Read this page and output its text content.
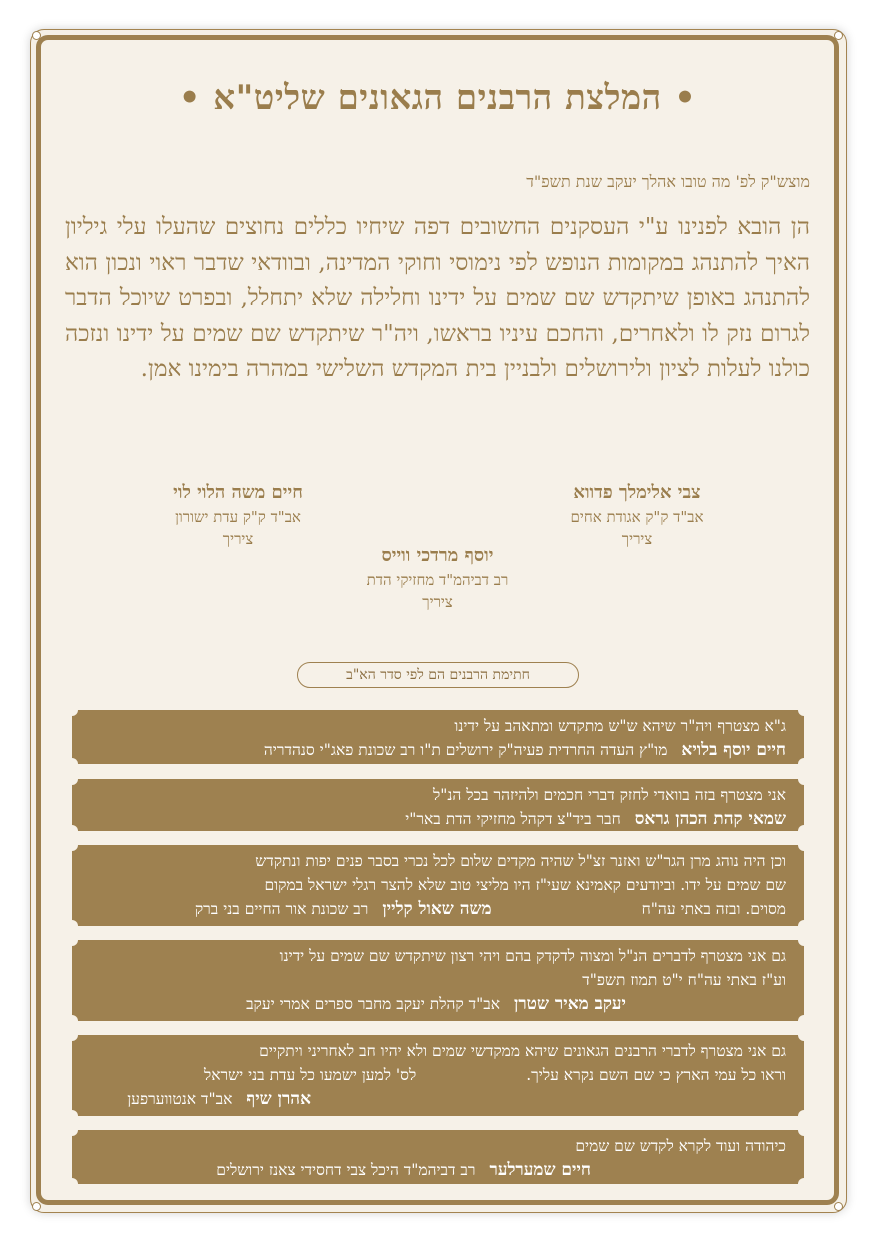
• המלצת הרבנים הגאונים שליט"א •
מוצש"ק לפ' מה טובו אהלך יעקב שנת תשפ"ד
הן הובא לפנינו ע"י העסקנים החשובים דפה שיחיו כללים נחוצים שהעלו עלי גיליון האיך להתנהג במקומות הנופש לפי נימוסי וחוקי המדינה, ובוודאי שדבר ראוי ונכון הוא להתנהג באופן שיתקדש שם שמים על ידינו וחלילה שלא יתחלל, ובפרט שיוכל הדבר לגרום נזק לו ולאחרים, והחכם עיניו בראשו, ויה"ר שיתקדש שם שמים על ידינו ונזכה כולנו לעלות לציון ולירושלים ולבניין בית המקדש השלישי במהרה בימינו אמן.
צבי אלימלך פדווא
אב"ד ק"ק אגודת אחים
ציריך
חיים משה הלוי לוי
אב"ד ק"ק עדת ישורון
ציריך
יוסף מרדכי ווייס
רב דביהמ"ד מחזיקי הדת
ציריך
חתימת הרבנים הם לפי סדר הא"ב
ג"א מצטרף ויה"ר שיהא ש"ש מתקדש ומתאהב על ידינו
חיים יוסף בלויאמו"ץ העדה החרדית פעיה"ק ירושלים ת"ו רב שכונת פאג"י סנהדריה
אני מצטרף בזה בוואדי לחזק דברי חכמים ולהיזהר בכל הנ"ל
שמאי קהת הכהן גראסחבר ביד"צ דקהל מחזיקי הדת באר"י
וכן היה נוהג מרן הגר"ש ואזנר זצ"ל שהיה מקדים שלום לכל נכרי בסבר פנים יפות ונתקדש
שם שמים על ידו. וביודעים קאמינא שעי"ז היו מליצי טוב שלא להצר רגלי ישראל במקום
מסוים. ובזה באתי עה"חמשה שאול קלייןרב שכונת אור החיים בני ברק
גם אני מצטרף לדברים הנ"ל ומצוה לדקדק בהם ויהי רצון שיתקדש שם שמים על ידינו
וע"ז באתי עה"ח י"ט תמוז תשפ"ד
יעקב מאיר שטרןאב"ד קהלת יעקב מחבר ספרים אמרי יעקב
גם אני מצטרף לדברי הרבנים הגאונים שיהא ממקדשי שמים ולא יהיו חב לאחריני ויתקיים
וראו כל עמי הארץ כי שם השם נקרא עליך.לס' למען ישמעו כל עדת בני ישראל
אהרן שיףאב"ד אנטווערפען
כיהודה ועוד לקרא לקדש שם שמים
חיים שמערלעררב דביהמ"ד היכל צבי דחסידי צאנז ירושלים
